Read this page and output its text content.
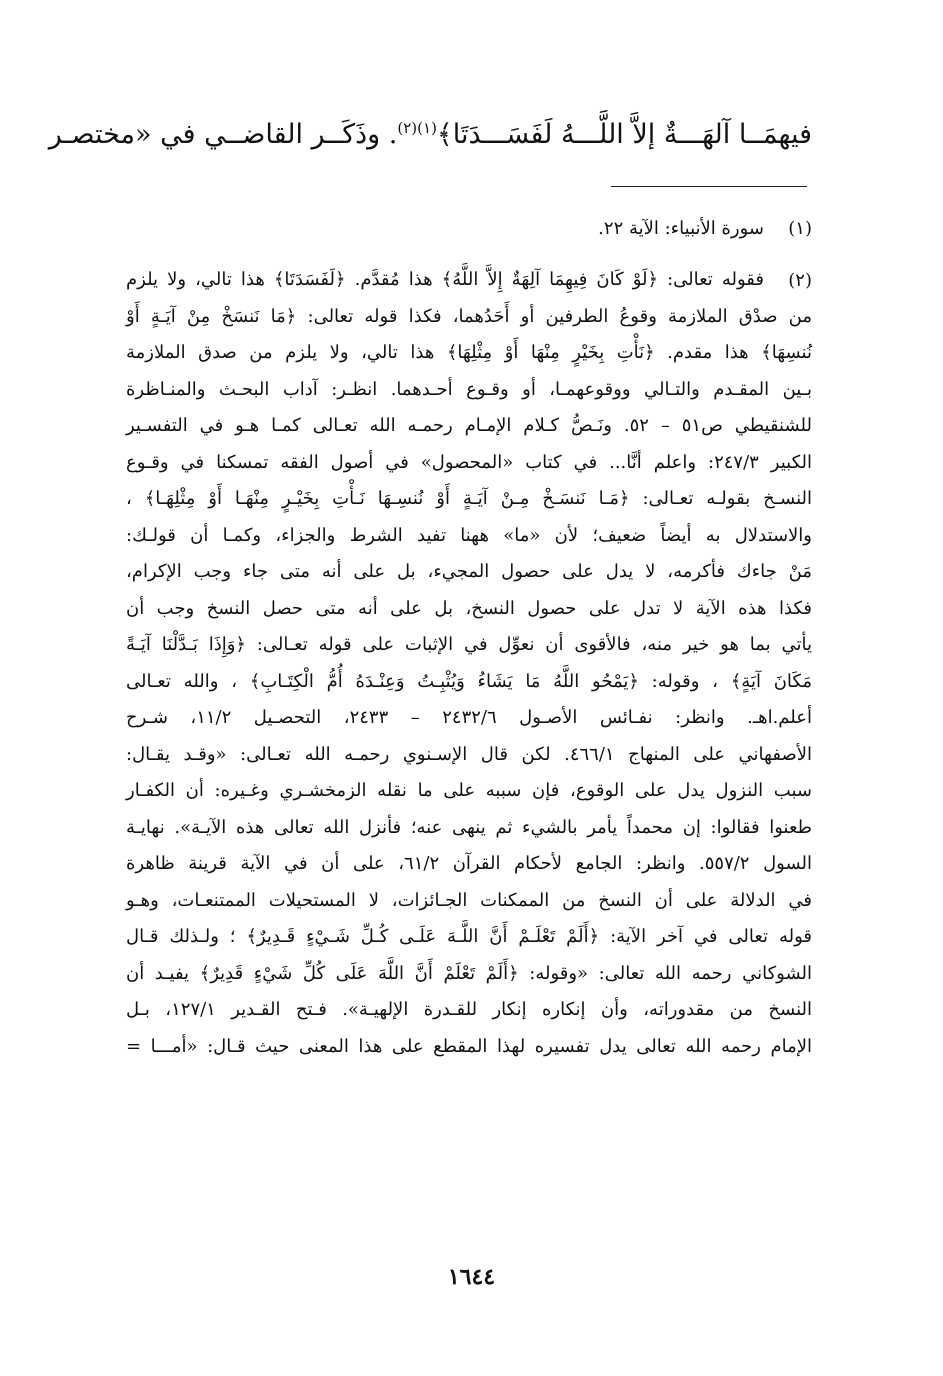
فيهمَــا آلهَـــةٌ إلاَّ اللَّـــهُ لَفَسَـــدَتَا﴾$^{(١)(٢)}$. وذَكَــر القاضــي في «مختصـر
(١)
سورة الأنبياء: الآية ٢٢.
(٢)
فقوله تعالى: ﴿لَوْ كَانَ فِيهِمَا آلِهَةٌ إِلاَّ اللَّهُ﴾ هذا مُقدَّم. ﴿لَفَسَدَتَا﴾ هذا تالي، ولا يلزم
من صدْق الملازمة وقوعُ الطرفين أو أَحَدُهما، فكذا قوله تعالى: ﴿مَا نَنسَخْ مِنْ آيَـةٍ أَوْ
نُنسِهَا﴾ هذا مقدم. ﴿نَأْتِ بِخَيْرٍ مِنْهَا أَوْ مِثْلِهَا﴾ هذا تالي، ولا يلزم من صدق الملازمة
بـين المقـدم والتـالي ووقوعهمـا، أو وقـوع أحـدهما. انظـر: آداب البحـث والمنـاظرة
للشنقيطي ص٥١ – ٥٢. ونَـصُّ كـلام الإمـام رحمـه الله تعـالى كمـا هـو في التفسـير
الكبير ٢٤٧/٣: واعلم أنَّا... في كتاب «المحصول» في أصول الفقه تمسكنا في وقـوع
النسـخ بقولـه تعـالى: ﴿مَـا نَنسَـخْ مِـنْ آيَـةٍ أَوْ نُنسِـهَا نَـأْتِ بِخَيْـرٍ مِنْهَـا أَوْ مِثْلِهَـا﴾ ،
والاستدلال به أيضاً ضعيف؛ لأن «ما» ههنا تفيد الشرط والجزاء، وكمـا أن قولـك:
مَنْ جاءك فأكرمه، لا يدل على حصول المجيء، بل على أنه متى جاء وجب الإكرام،
فكذا هذه الآية لا تدل على حصول النسخ، بل على أنه متى حصل النسخ وجب أن
يأتي بما هو خير منه، فالأقوى أن نعوِّل في الإثبات على قوله تعـالى: ﴿وَإِذَا بَـدَّلْنَا آيَـةً
مَكَانَ آيَةٍ﴾ ، وقوله: ﴿يَمْحُو اللَّهُ مَا يَشَاءُ وَيُثْبِـتُ وَعِنْـدَهُ أُمُّ الْكِتَـابِ﴾ ، والله تعـالى
أعلم.اهـ. وانظر: نفـائس الأصـول ٢٤٣٢/٦ – ٢٤٣٣، التحصـيل ١١/٢، شـرح
الأصفهاني على المنهاج ٤٦٦/١. لكن قال الإسـنوي رحمـه الله تعـالى: «وقـد يقـال:
سبب النزول يدل على الوقوع، فإن سببه على ما نقله الزمخشـري وغـيره: أن الكفـار
طعنوا فقالوا: إن محمداً يأمر بالشيء ثم ينهى عنه؛ فأنزل الله تعالى هذه الآيـة». نهايـة
السول ٥٥٧/٢. وانظر: الجامع لأحكام القرآن ٦١/٢، على أن في الآية قرينة ظاهرة
في الدلالة على أن النسخ من الممكنات الجـائزات، لا المستحيلات الممتنعـات، وهـو
قوله تعالى في آخر الآية: ﴿أَلَمْ تَعْلَـمْ أَنَّ اللَّـهَ عَلَـى كُـلِّ شَـيْءٍ قَـدِيرٌ﴾ ؛ ولـذلك قـال
الشوكاني رحمه الله تعالى: «وقوله: ﴿أَلَمْ تَعْلَمْ أَنَّ اللَّهَ عَلَى كُلِّ شَيْءٍ قَدِيرٌ﴾ يفيـد أن
النسخ من مقدوراته، وأن إنكاره إنكار للقـدرة الإلهيـة». فـتح القـدير ١٢٧/١، بـل
الإمام رحمه الله تعالى يدل تفسيره لهذا المقطع على هذا المعنى حيث قـال: «أمـــا =
١٦٤٤
